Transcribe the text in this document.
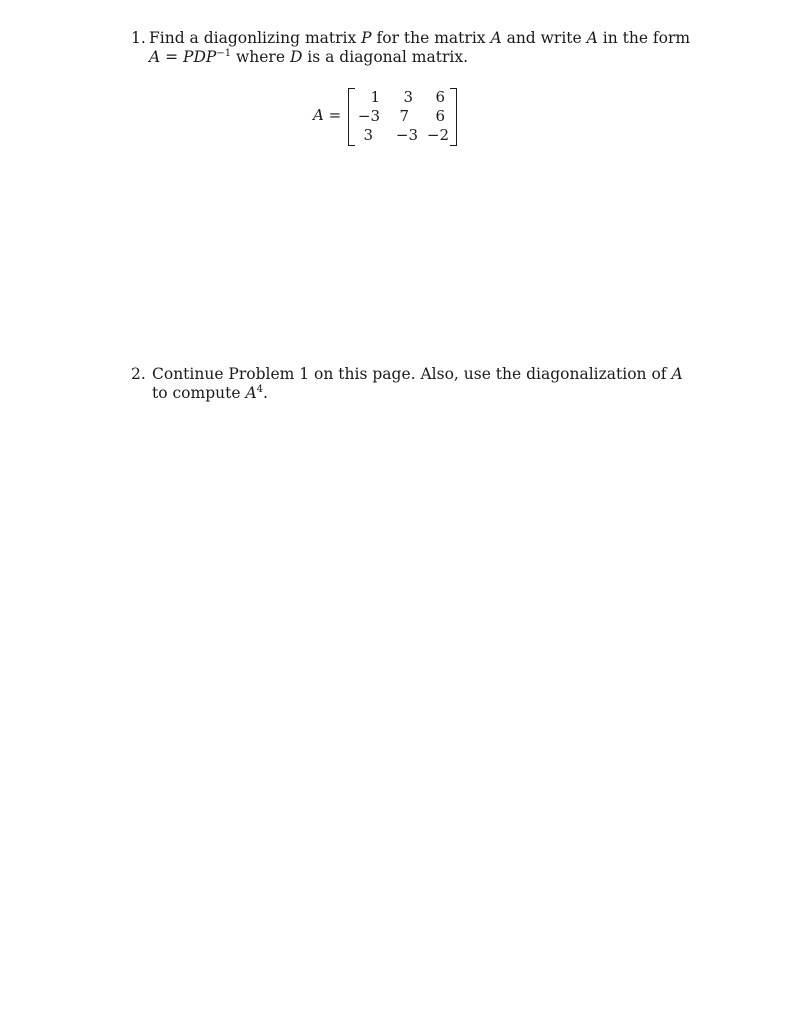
1. Find a diagonlizing matrix P for the matrix A and write A in the form
$A = PDP^{-1}$ where D is a diagonal matrix.
A =
1	3	6
−3	7	6
3	−3 −2
2. Continue Problem 1 on this page. Also, use the diagonalization of A
to compute $A^4$.
